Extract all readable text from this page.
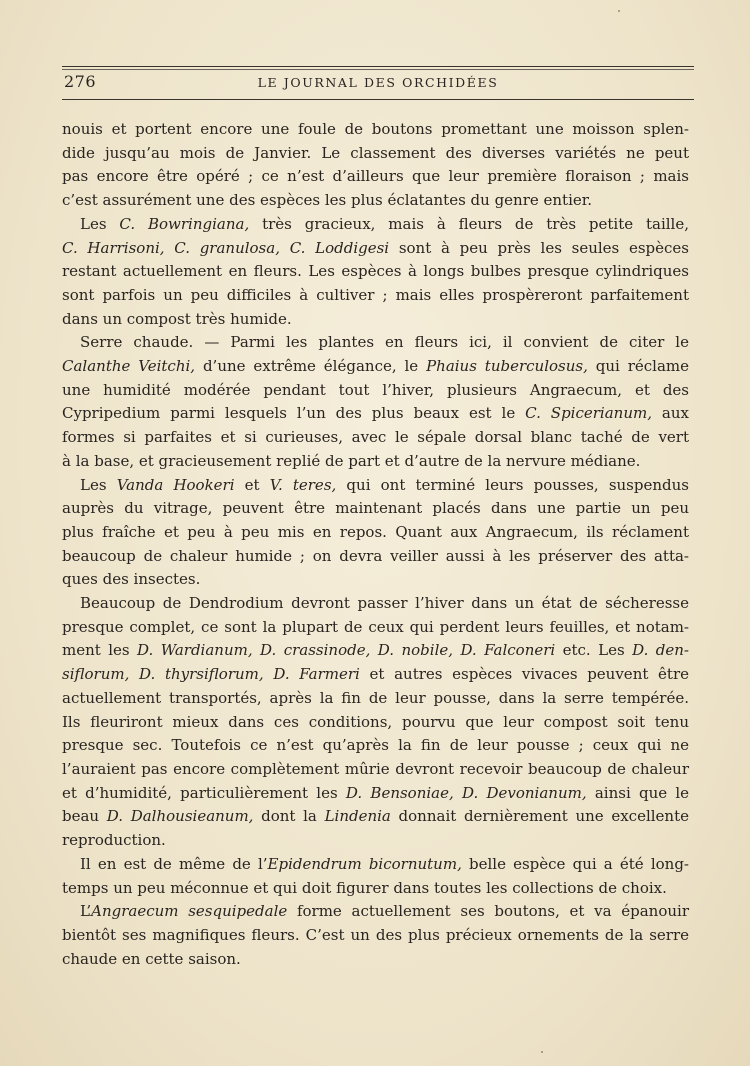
276	LE JOURNAL DES ORCHIDÉES

nouis et portent encore une foule de boutons promettant une moisson splen-
dide jusqu’au mois de Janvier. Le classement des diverses variétés ne peut
pas encore être opéré ; ce n’est d’ailleurs que leur première floraison ; mais
c’est assurément une des espèces les plus éclatantes du genre entier.

Les C. Bowringiana, très gracieux, mais à fleurs de très petite taille,
C. Harrisoni, C. granulosa, C. Loddigesi sont à peu près les seules espèces
restant actuellement en fleurs. Les espèces à longs bulbes presque cylindriques
sont parfois un peu difficiles à cultiver ; mais elles prospèreront parfaitement
dans un compost très humide.

Serre chaude. — Parmi les plantes en fleurs ici, il convient de citer le
Calanthe Veitchi, d’une extrême élégance, le Phaius tuberculosus, qui réclame
une humidité modérée pendant tout l’hiver, plusieurs Angraecum, et des
Cypripedium parmi lesquels l’un des plus beaux est le C. Spicerianum, aux
formes si parfaites et si curieuses, avec le sépale dorsal blanc taché de vert
à la base, et gracieusement replié de part et d’autre de la nervure médiane.

Les Vanda Hookeri et V. teres, qui ont terminé leurs pousses, suspendus
auprès du vitrage, peuvent être maintenant placés dans une partie un peu
plus fraîche et peu à peu mis en repos. Quant aux Angraecum, ils réclament
beaucoup de chaleur humide ; on devra veiller aussi à les préserver des atta-
ques des insectes.

Beaucoup de Dendrodium devront passer l’hiver dans un état de sécheresse
presque complet, ce sont la plupart de ceux qui perdent leurs feuilles, et notam-
ment les D. Wardianum, D. crassinode, D. nobile, D. Falconeri etc. Les D. den-
siflorum, D. thyrsiflorum, D. Farmeri et autres espèces vivaces peuvent être
actuellement transportés, après la fin de leur pousse, dans la serre tempérée.
Ils fleuriront mieux dans ces conditions, pourvu que leur compost soit tenu
presque sec. Toutefois ce n’est qu’après la fin de leur pousse ; ceux qui ne
l’auraient pas encore complètement mûrie devront recevoir beaucoup de chaleur
et d’humidité, particulièrement les D. Bensoniae, D. Devonianum, ainsi que le
beau D. Dalhousieanum, dont la Lindenia donnait dernièrement une excellente
reproduction.

Il en est de même de l’Epidendrum bicornutum, belle espèce qui a été long-
temps un peu méconnue et qui doit figurer dans toutes les collections de choix.

L’Angraecum sesquipedale forme actuellement ses boutons, et va épanouir
bientôt ses magnifiques fleurs. C’est un des plus précieux ornements de la serre
chaude en cette saison.
